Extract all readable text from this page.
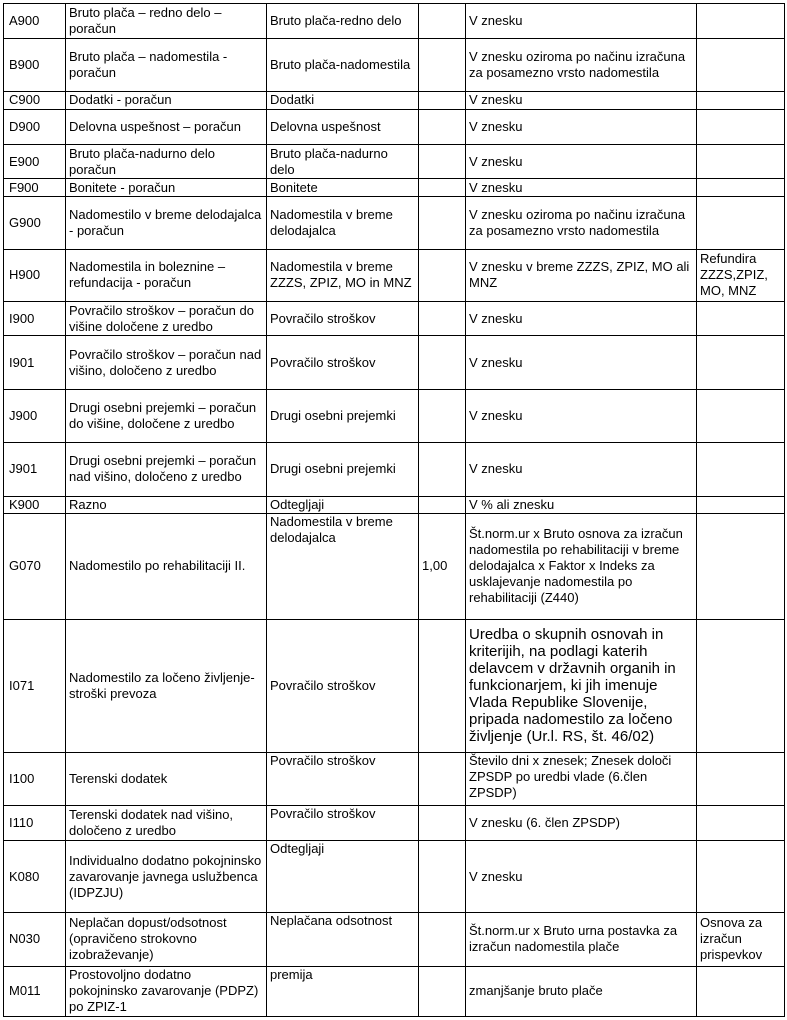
A900	Bruto plača – redno delo – poračun	Bruto plača-redno delo		V znesku	
B900	Bruto plača – nadomestila - poračun	Bruto plača-nadomestila		V znesku oziroma po načinu izračuna za posamezno vrsto nadomestila	
C900	Dodatki - poračun	Dodatki		V znesku	
D900	Delovna uspešnost – poračun	Delovna uspešnost		V znesku	
E900	Bruto plača-nadurno delo poračun	Bruto plača-nadurno delo		V znesku	
F900	Bonitete - poračun	Bonitete		V znesku	
G900	Nadomestilo v breme delodajalca - poračun	Nadomestila v breme delodajalca		V znesku oziroma po načinu izračuna za posamezno vrsto nadomestila	
H900	Nadomestila in boleznine – refundacija - poračun	Nadomestila v breme ZZZS, ZPIZ, MO in MNZ		V znesku v breme ZZZS, ZPIZ, MO ali MNZ	Refundira ZZZS,ZPIZ, MO, MNZ
I900	Povračilo stroškov – poračun do višine določene z uredbo	Povračilo stroškov		V znesku	
I901	Povračilo stroškov – poračun nad višino, določeno z uredbo	Povračilo stroškov		V znesku	
J900	Drugi osebni prejemki – poračun do višine, določene z uredbo	Drugi osebni prejemki		V znesku	
J901	Drugi osebni prejemki – poračun nad višino, določeno z uredbo	Drugi osebni prejemki		V znesku	
K900	Razno	Odtegljaji		V % ali znesku	
G070	Nadomestilo po rehabilitaciji II.	Nadomestila v breme delodajalca	1,00	Št.norm.ur x Bruto osnova za izračun nadomestila po rehabilitaciji v breme delodajalca x Faktor x Indeks za usklajevanje nadomestila po rehabilitaciji (Z440)	
I071	Nadomestilo za ločeno življenje-stroški prevoza	Povračilo stroškov		Uredba o skupnih osnovah in kriterijih, na podlagi katerih delavcem v državnih organih in funkcionarjem, ki jih imenuje Vlada Republike Slovenije, pripada nadomestilo za ločeno življenje (Ur.l. RS, št. 46/02)	
I100	Terenski dodatek	Povračilo stroškov		Število dni x znesek; Znesek določi ZPSDP po uredbi vlade (6.člen ZPSDP)	
I110	Terenski dodatek nad višino, določeno z uredbo	Povračilo stroškov		V znesku (6. člen ZPSDP)	
K080	Individualno dodatno pokojninsko zavarovanje javnega uslužbenca (IDPZJU)	Odtegljaji		V znesku	
N030	Neplačan dopust/odsotnost (opravičeno strokovno izobraževanje)	Neplačana odsotnost		Št.norm.ur x Bruto urna postavka za izračun nadomestila plače	Osnova za izračun prispevkov
M011	Prostovoljno dodatno pokojninsko zavarovanje (PDPZ) po ZPIZ-1	premija		zmanjšanje bruto plače	
